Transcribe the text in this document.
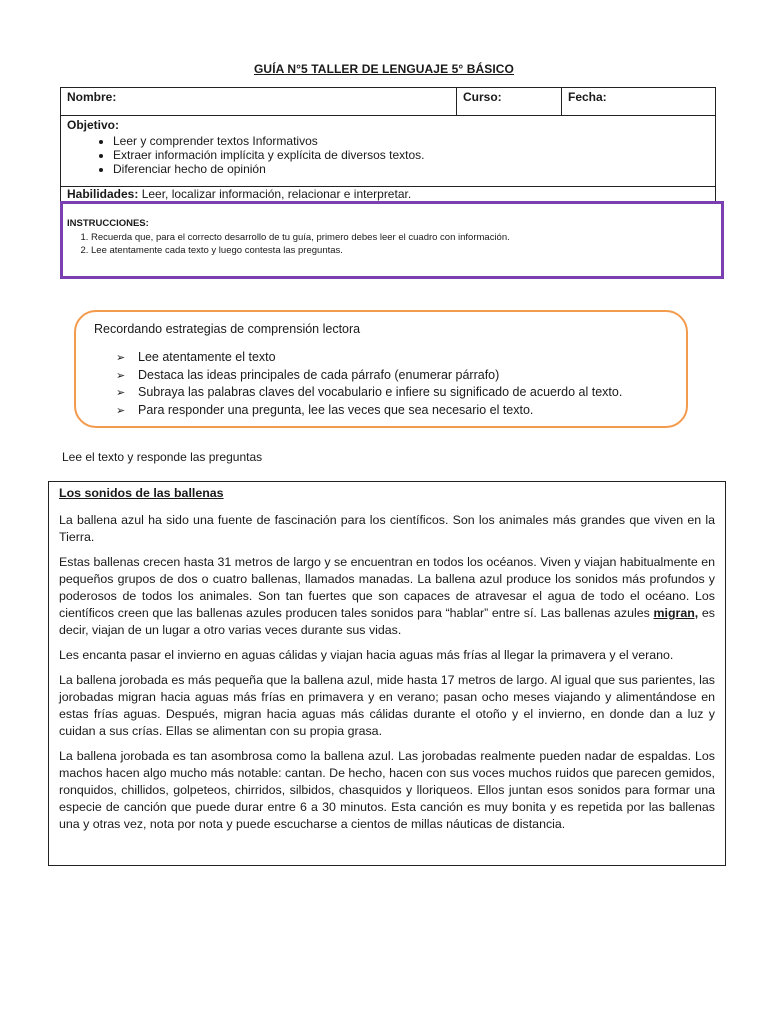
GUÍA N°5 TALLER DE LENGUAJE 5° BÁSICO
Nombre:	Curso:	Fecha:

Objetivo:
• Leer y comprender textos Informativos
• Extraer información implícita y explícita de diversos textos.
• Diferenciar hecho de opinión

Habilidades: Leer, localizar información, relacionar e interpretar.
INSTRUCCIONES:
1. Recuerda que, para el correcto desarrollo de tu guía, primero debes leer el cuadro con información.
2. Lee atentamente cada texto y luego contesta las preguntas.
Recordando estrategias de comprensión lectora
➢ Lee atentamente el texto
➢ Destaca las ideas principales de cada párrafo (enumerar párrafo)
➢ Subraya las palabras claves del vocabulario e infiere su significado de acuerdo al texto.
➢ Para responder una pregunta, lee las veces que sea necesario el texto.
Lee el texto y responde las preguntas
Los sonidos de las ballenas

La ballena azul ha sido una fuente de fascinación para los científicos. Son los animales más grandes que viven en la Tierra.

Estas ballenas crecen hasta 31 metros de largo y se encuentran en todos los océanos. Viven y viajan habitualmente en pequeños grupos de dos o cuatro ballenas, llamados manadas. La ballena azul produce los sonidos más profundos y poderosos de todos los animales. Son tan fuertes que son capaces de atravesar el agua de todo el océano. Los científicos creen que las ballenas azules producen tales sonidos para “hablar” entre sí. Las ballenas azules migran, es decir, viajan de un lugar a otro varias veces durante sus vidas.

Les encanta pasar el invierno en aguas cálidas y viajan hacia aguas más frías al llegar la primavera y el verano.

La ballena jorobada es más pequeña que la ballena azul, mide hasta 17 metros de largo. Al igual que sus parientes, las jorobadas migran hacia aguas más frías en primavera y en verano; pasan ocho meses viajando y alimentándose en estas frías aguas. Después, migran hacia aguas más cálidas durante el otoño y el invierno, en donde dan a luz y cuidan a sus crías. Ellas se alimentan con su propia grasa.

La ballena jorobada es tan asombrosa como la ballena azul. Las jorobadas realmente pueden nadar de espaldas. Los machos hacen algo mucho más notable: cantan. De hecho, hacen con sus voces muchos ruidos que parecen gemidos, ronquidos, chillidos, golpeteos, chirridos, silbidos, chasquidos y lloriqueos. Ellos juntan esos sonidos para formar una especie de canción que puede durar entre 6 a 30 minutos. Esta canción es muy bonita y es repetida por las ballenas una y otras vez, nota por nota y puede escucharse a cientos de millas náuticas de distancia.
